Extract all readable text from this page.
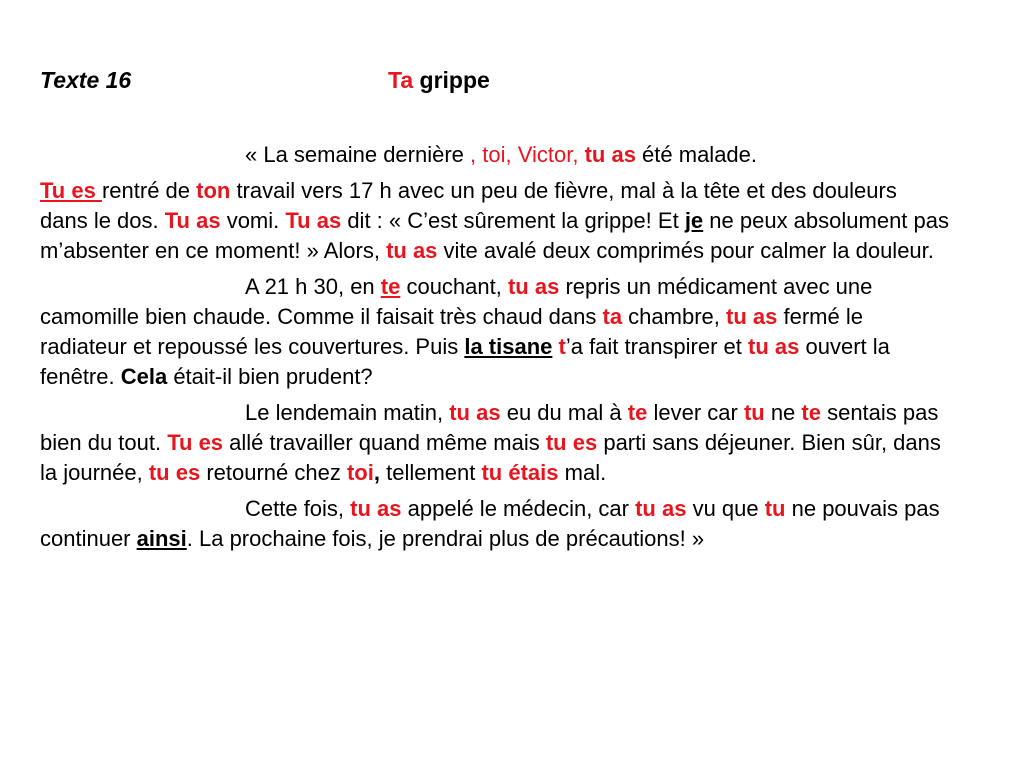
Texte 16	Ta grippe

« La semaine dernière , toi, Victor, tu as été malade.

Tu es rentré de ton travail vers 17 h avec un peu de fièvre, mal à la tête et des douleurs dans le dos. Tu as vomi. Tu as dit : « C’est sûrement la grippe! Et je ne peux absolument pas m’absenter en ce moment! » Alors, tu as vite avalé deux comprimés pour calmer la douleur.

A 21 h 30, en te couchant, tu as repris un médicament avec une camomille bien chaude. Comme il faisait très chaud dans ta chambre, tu as fermé le radiateur et repoussé les couvertures. Puis la tisane t’a fait transpirer et tu as ouvert la fenêtre. Cela était-il bien prudent?

Le lendemain matin, tu as eu du mal à te lever car tu ne te sentais pas bien du tout. Tu es allé travailler quand même mais tu es parti sans déjeuner. Bien sûr, dans la journée, tu es retourné chez toi, tellement tu étais mal.

Cette fois, tu as appelé le médecin, car tu as vu que tu ne pouvais pas continuer ainsi. La prochaine fois, je prendrai plus de précautions! »
